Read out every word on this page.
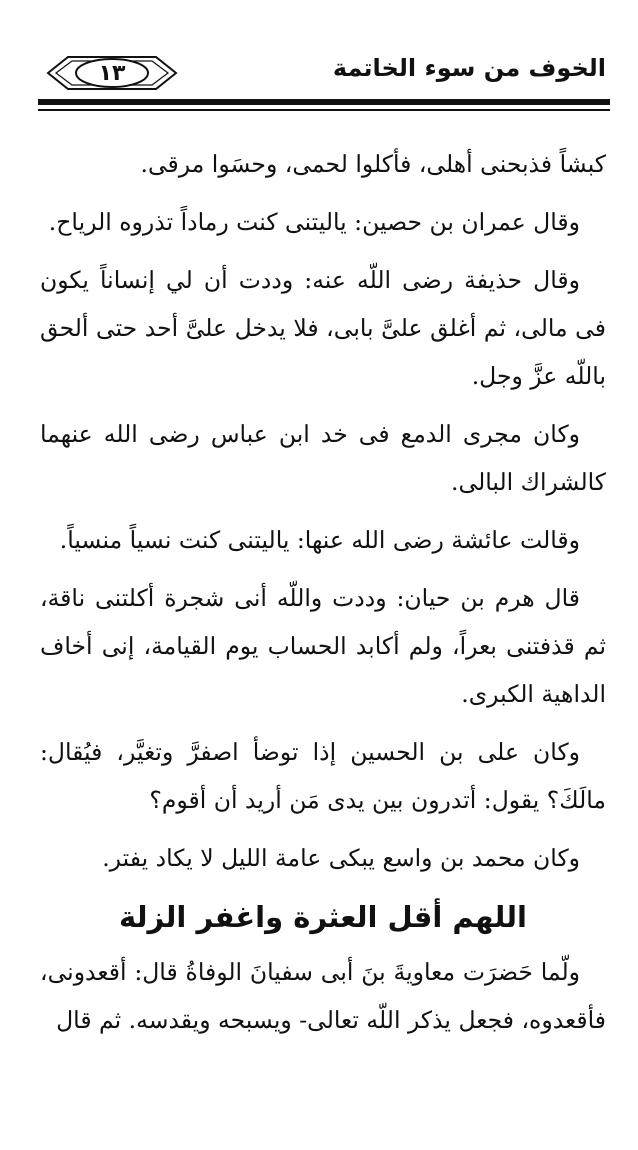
١٣	الخوف من سوء الخاتمة

كبشاً فذبحنى أهلى، فأكلوا لحمى، وحسَوا مرقى.

وقال عمران بن حصين: ياليتنى كنت رماداً تذروه الرياح.

وقال حذيفة رضى اللّه عنه: وددت أن لي إنساناً يكون فى مالى، ثم أغلق علىَّ بابى، فلا يدخل علىَّ أحد حتى ألحق باللّه عزَّ وجل.

وكان مجرى الدمع فى خد ابن عباس رضى الله عنهما كالشراك البالى.

وقالت عائشة رضى الله عنها: ياليتنى كنت نسياً منسياً.

قال هرم بن حيان: وددت واللّه أنى شجرة أكلتنى ناقة، ثم قذفتنى بعراً، ولم أكابد الحساب يوم القيامة، إنى أخاف الداهية الكبرى.

وكان على بن الحسين إذا توضأ اصفرَّ وتغيَّر، فيُقال: مالَكَ؟ يقول: أتدرون بين يدى مَن أريد أن أقوم؟

وكان محمد بن واسع يبكى عامة الليل لا يكاد يفتر.

اللهم أقل العثرة واغفر الزلة

ولّما حَضرَت معاويةَ بنَ أبى سفيانَ الوفاةُ قال: أقعدونى، فأقعدوه، فجعل يذكر اللّه تعالى- ويسبحه ويقدسه. ثم قال
